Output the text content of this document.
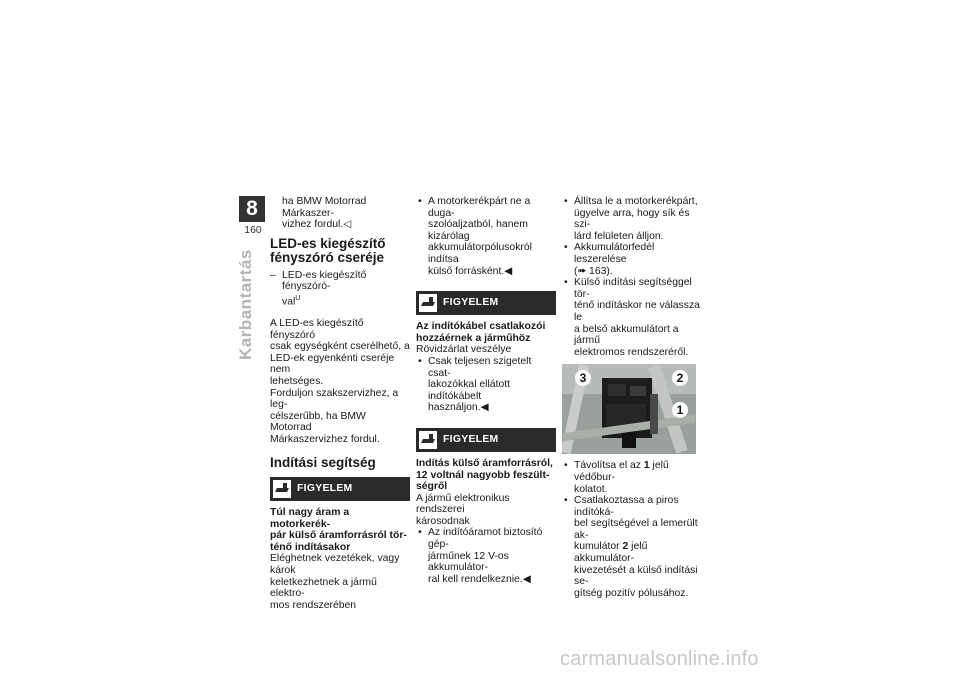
8
160
Karbantartás

ha BMW Motorrad Márkaszer-

vizhez fordul.◁

LED-es kiegészítő
fényszóró cseréje

– LED-es kiegészítő fényszóró-

val$^U$

A LED-es kiegészítő fényszóró

csak egységként cserélhető, a

LED-ek egyenkénti cseréje nem

lehetséges.

Forduljon szakszervizhez, a leg-

célszerűbb, ha BMW Motorrad

Márkaszervizhez fordul.

Indítási segítség
FIGYELEM

Túl nagy áram a motorkerék-

pár külső áramforrásról tör-

ténő indításakor

Eléghetnek vezetékek, vagy károk

keletkezhetnek a jármű elektro-

mos rendszerében

• A motorkerékpárt ne a duga-

szolóaljzatból, hanem kizárólag

akkumulátorpólusokról indítsa

külső forrásként.◀

FIGYELEM

Az indítókábel csatlakozói

hozzáérnek a járműhöz

Rövidzárlat veszélye

• Csak teljesen szigetelt csat-

lakozókkal ellátott indítókábelt

használjon.◀

FIGYELEM

Indítás külső áramforrásról,

12 voltnál nagyobb feszült-

ségről

A jármű elektronikus rendszerei

károsodnak

• Az indítóáramot biztosító gép-

járműnek 12 V-os akkumulátor-

ral kell rendelkeznie.◀

• Állítsa le a motorkerékpárt,

ügyelve arra, hogy sík és szi-

lárd felületen álljon.

• Akkumulátorfedél leszerelése

(➠ 163).

• Külső indítási segítséggel tör-

ténő indításkor ne válassza le

a belső akkumulátort a jármű

elektromos rendszeréről.

3	2
1

• Távolítsa el az 1 jelű védőbur-

kolatot.

• Csatlakoztassa a piros indítóká-

bel segítségével a lemerült ak-

kumulátor 2 jelű akkumulátor-

kivezetését a külső indítási se-

gítség pozitív pólusához.

carmanualsonline.info
